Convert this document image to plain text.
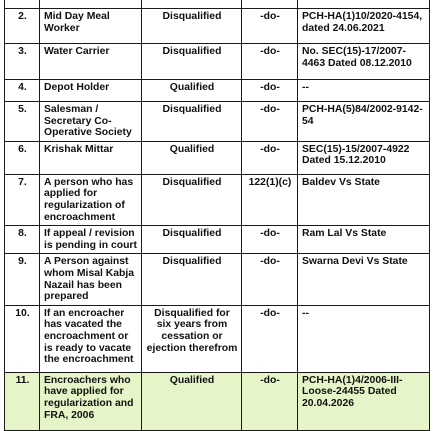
2.	Mid Day Meal Worker	Disqualified	-do-	PCH-HA(1)10/2020-4154, dated 24.06.2021
3.	Water Carrier	Disqualified	-do-	No. SEC(15)-17/2007-4463 Dated 08.12.2010
4.	Depot Holder	Qualified	-do-	--
5.	Salesman / Secretary Co-Operative Society	Disqualified	-do-	PCH-HA(5)84/2002-9142-54
6.	Krishak Mittar	Qualified	-do-	SEC(15)-15/2007-4922 Dated 15.12.2010
7.	A person who has applied for regularization of encroachment	Disqualified	122(1)(c)	Baldev Vs State
8.	If appeal / revision is pending in court	Disqualified	-do-	Ram Lal Vs State
9.	A Person against whom Misal Kabja Nazail has been prepared	Disqualified	-do-	Swarna Devi Vs State
10.	If an encroacher has vacated the encroachment or is ready to vacate the encroachment	Disqualified for six years from cessation or ejection therefrom	-do-	--
11.	Encroachers who have applied for regularization and FRA, 2006	Qualified	-do-	PCH-HA(1)4/2006-III-Loose-24455 Dated 20.04.2026
